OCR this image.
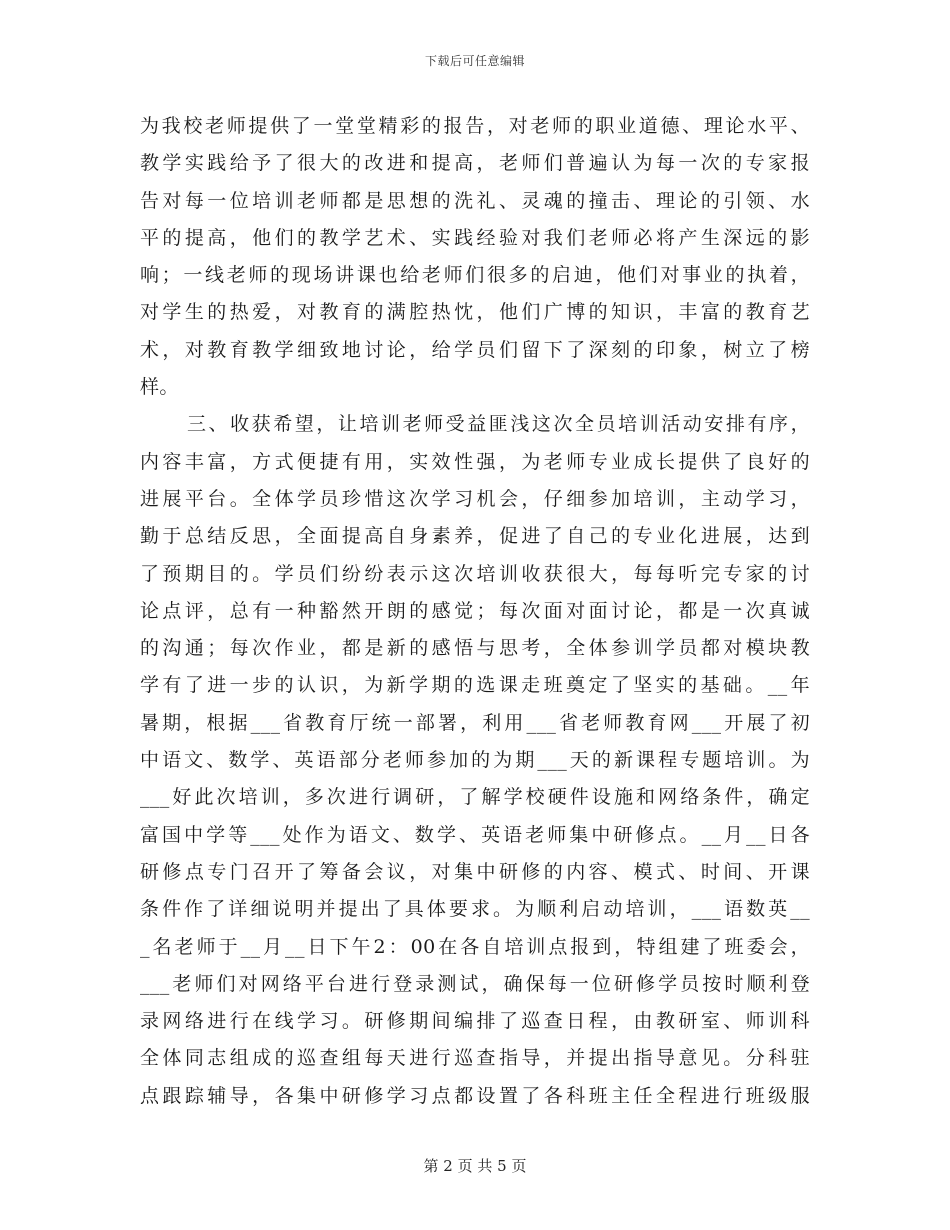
下载后可任意编辑
为我校老师提供了一堂堂精彩的报告，对老师的职业道德、理论水平、
教学实践给予了很大的改进和提高，老师们普遍认为每一次的专家报
告对每一位培训老师都是思想的洗礼、灵魂的撞击、理论的引领、水
平的提高，他们的教学艺术、实践经验对我们老师必将产生深远的影
响；一线老师的现场讲课也给老师们很多的启迪，他们对事业的执着，
对学生的热爱，对教育的满腔热忱，他们广博的知识，丰富的教育艺
术，对教育教学细致地讨论，给学员们留下了深刻的印象，树立了榜
样。
三、收获希望，让培训老师受益匪浅这次全员培训活动安排有序，
内容丰富，方式便捷有用，实效性强，为老师专业成长提供了良好的
进展平台。全体学员珍惜这次学习机会，仔细参加培训，主动学习，
勤于总结反思，全面提高自身素养，促进了自己的专业化进展，达到
了预期目的。学员们纷纷表示这次培训收获很大，每每听完专家的讨
论点评，总有一种豁然开朗的感觉；每次面对面讨论，都是一次真诚
的沟通；每次作业，都是新的感悟与思考，全体参训学员都对模块教
学有了进一步的认识，为新学期的选课走班奠定了坚实的基础。__年
暑期，根据___省教育厅统一部署，利用___省老师教育网___开展了初
中语文、数学、英语部分老师参加的为期___天的新课程专题培训。为
___好此次培训，多次进行调研，了解学校硬件设施和网络条件，确定
富国中学等___处作为语文、数学、英语老师集中研修点。__月__日各
研修点专门召开了筹备会议，对集中研修的内容、模式、时间、开课
条件作了详细说明并提出了具体要求。为顺利启动培训，___语数英__
_名老师于__月__日下午2：00在各自培训点报到，特组建了班委会，
___老师们对网络平台进行登录测试，确保每一位研修学员按时顺利登
录网络进行在线学习。研修期间编排了巡查日程，由教研室、师训科
全体同志组成的巡查组每天进行巡查指导，并提出指导意见。分科驻
点跟踪辅导，各集中研修学习点都设置了各科班主任全程进行班级服
第 2 页 共 5 页
